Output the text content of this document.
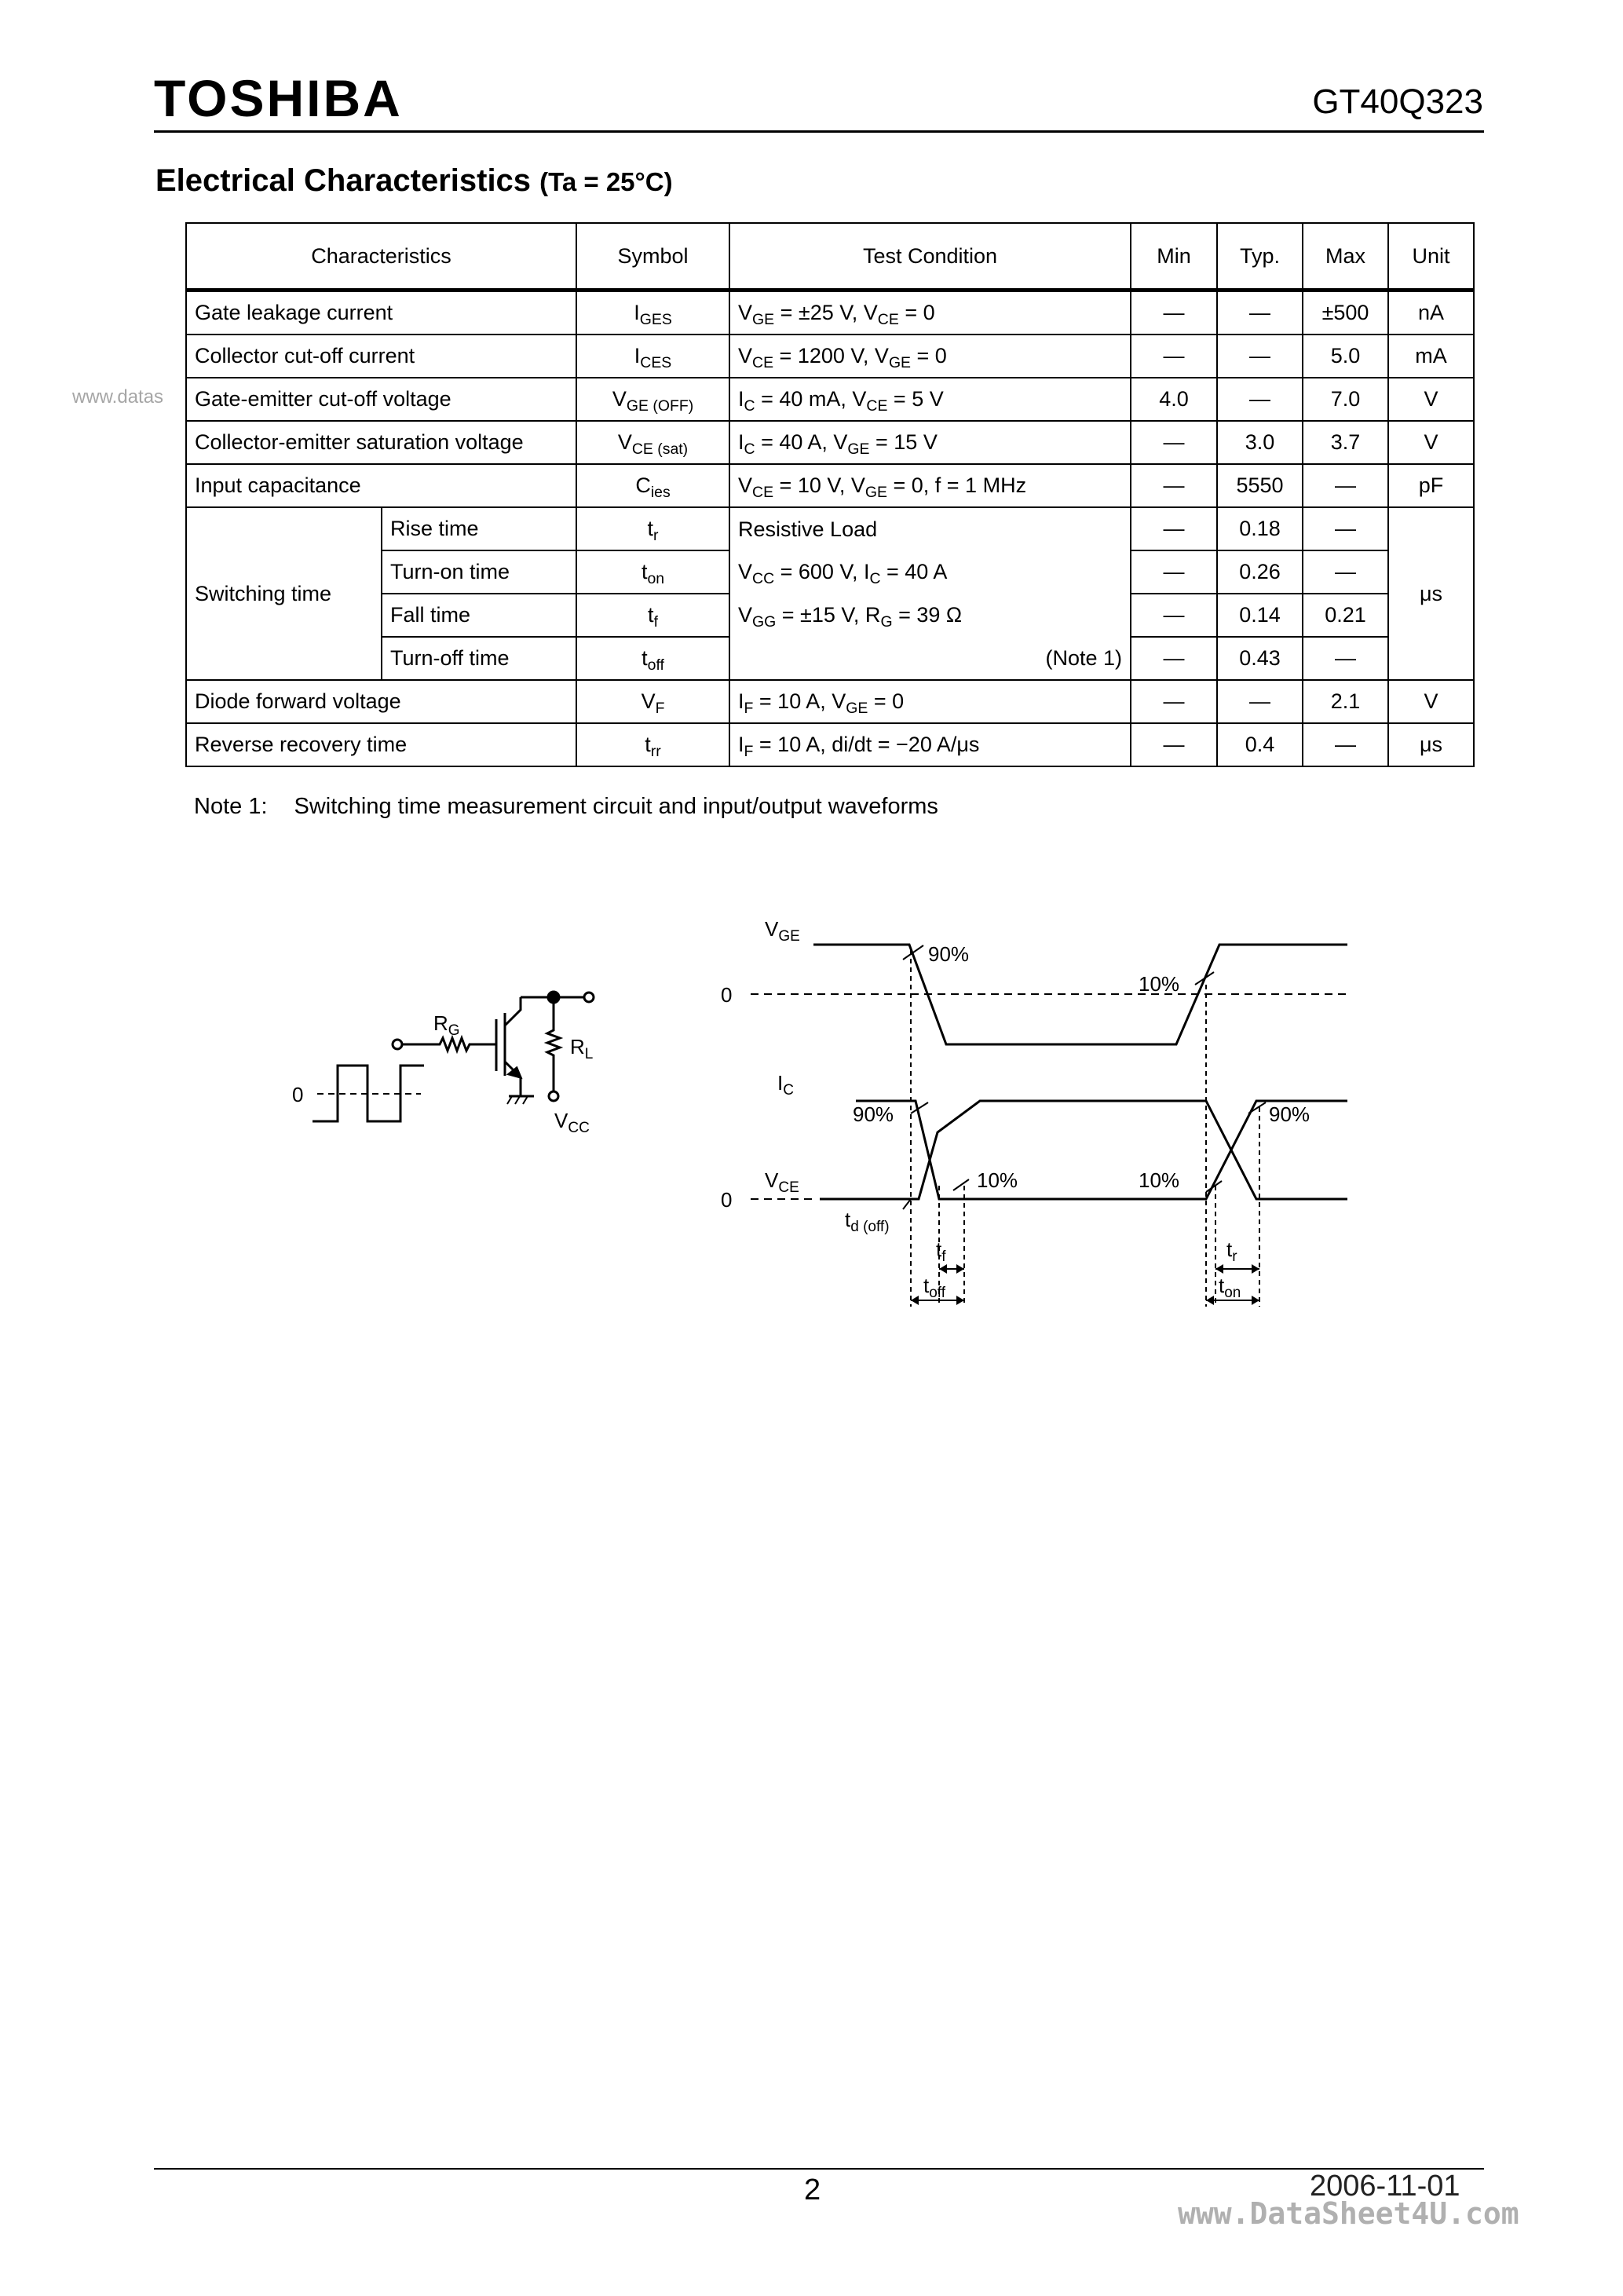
TOSHIBA	GT40Q323
Electrical Characteristics (Ta = 25°C)
www.datas
Characteristics		Symbol	Test Condition	Min	Typ.	Max	Unit
Gate leakage current		$I_{GES}$	$V_{GE} = \pm 25$ V, $V_{CE} = 0$	—	—	±500	nA
Collector cut-off current		$I_{CES}$	$V_{CE} = 1200$ V, $V_{GE} = 0$	—	—	5.0	mA
Gate-emitter cut-off voltage		$V_{GE (OFF)}$	$I_C = 40$ mA, $V_{CE} = 5$ V	4.0	—	7.0	V
Collector-emitter saturation voltage		$V_{CE (sat)}$	$I_C = 40$ A, $V_{GE} = 15$ V	—	3.0	3.7	V
Input capacitance		$C_{ies}$	$V_{CE} = 10$ V, $V_{GE} = 0$, f = 1 MHz	—	5550	—	pF
Switching time	Rise time	$t_r$	Resistive Load	—	0.18	—	μs
	Turn-on time	$t_{on}$	$V_{CC} = 600$ V, $I_C = 40$ A	—	0.26	—	
	Fall time	$t_f$	$V_{GG} = \pm 15$ V, $R_G = 39$ Ω	—	0.14	0.21	
	Turn-off time	$t_{off}$	(Note 1)	—	0.43	—	
Diode forward voltage		$V_F$	$I_F = 10$ A, $V_{GE} = 0$	—	—	2.1	V
Reverse recovery time		$t_{rr}$	$I_F = 10$ A, di/dt = −20 A/μs	—	0.4	—	μs
Note 1: Switching time measurement circuit and input/output waveforms
0
$R_G$
$R_L$
$V_{CC}$
$V_{GE}$
0
90%
10%
$I_C$
90%	90%
$V_{CE}$
0
10%	10%
$t_{d (off)}$
$t_f$
$t_{off}$
$t_r$
$t_{on}$
2	2006-11-01
www.DataSheet4U.com
